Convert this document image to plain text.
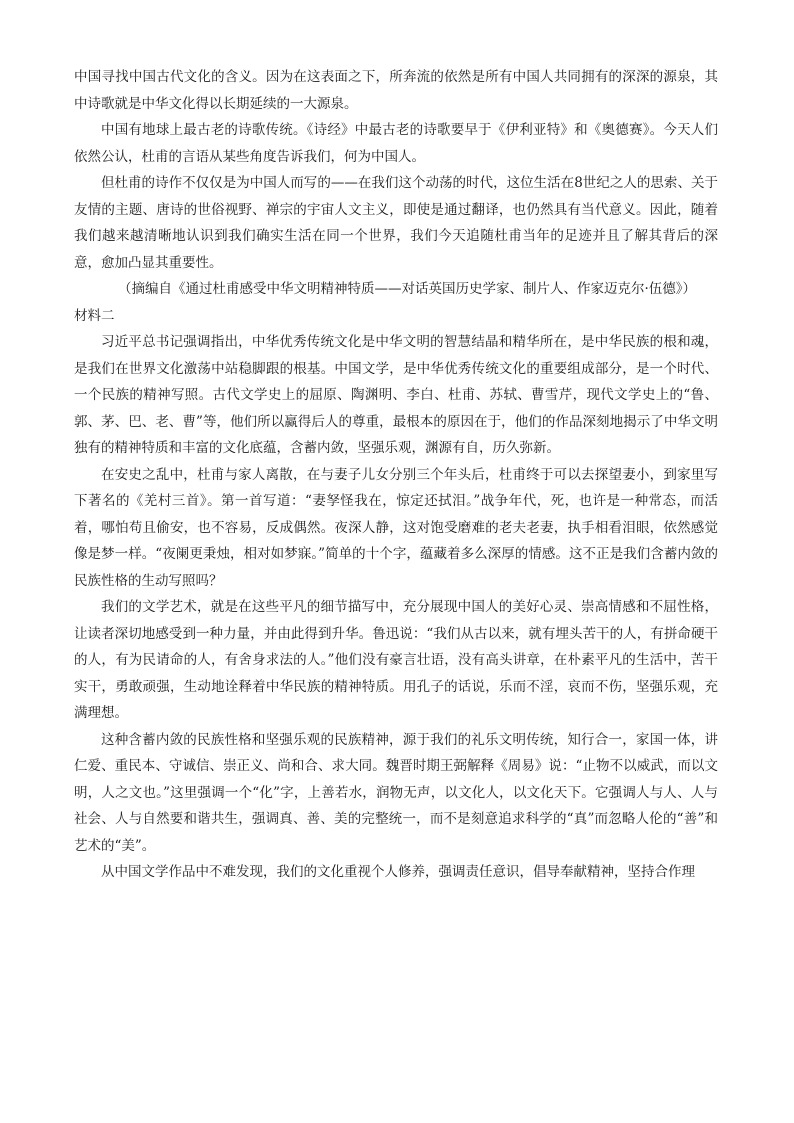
中国寻找中国古代文化的含义。因为在这表面之下，所奔流的依然是所有中国人共同拥有的深深的源泉，其中诗歌就是中华文化得以长期延续的一大源泉。

中国有地球上最古老的诗歌传统。《诗经》中最古老的诗歌要早于《伊利亚特》和《奥德赛》。今天人们依然公认，杜甫的言语从某些角度告诉我们，何为中国人。

但杜甫的诗作不仅仅是为中国人而写的——在我们这个动荡的时代，这位生活在8世纪之人的思索、关于友情的主题、唐诗的世俗视野、禅宗的宇宙人文主义，即使是通过翻译，也仍然具有当代意义。因此，随着我们越来越清晰地认识到我们确实生活在同一个世界，我们今天追随杜甫当年的足迹并且了解其背后的深意，愈加凸显其重要性。

（摘编自《通过杜甫感受中华文明精神特质——对话英国历史学家、制片人、作家迈克尔·伍德》）

材料二

习近平总书记强调指出，中华优秀传统文化是中华文明的智慧结晶和精华所在，是中华民族的根和魂，是我们在世界文化激荡中站稳脚跟的根基。中国文学，是中华优秀传统文化的重要组成部分，是一个时代、一个民族的精神写照。古代文学史上的屈原、陶渊明、李白、杜甫、苏轼、曹雪芹，现代文学史上的“鲁、郭、茅、巴、老、曹”等，他们所以赢得后人的尊重，最根本的原因在于，他们的作品深刻地揭示了中华文明独有的精神特质和丰富的文化底蕴，含蓄内敛，坚强乐观，渊源有自，历久弥新。

在安史之乱中，杜甫与家人离散，在与妻子儿女分别三个年头后，杜甫终于可以去探望妻小，到家里写下著名的《羌村三首》。第一首写道：“妻孥怪我在，惊定还拭泪。”战争年代，死，也许是一种常态，而活着，哪怕苟且偷安，也不容易，反成偶然。夜深人静，这对饱受磨难的老夫老妻，执手相看泪眼，依然感觉像是梦一样。“夜阑更秉烛，相对如梦寐。”简单的十个字，蕴藏着多么深厚的情感。这不正是我们含蓄内敛的民族性格的生动写照吗？

我们的文学艺术，就是在这些平凡的细节描写中，充分展现中国人的美好心灵、崇高情感和不屈性格，让读者深切地感受到一种力量，并由此得到升华。鲁迅说：“我们从古以来，就有埋头苦干的人，有拼命硬干的人，有为民请命的人，有舍身求法的人。”他们没有豪言壮语，没有高头讲章，在朴素平凡的生活中，苦干实干，勇敢顽强，生动地诠释着中华民族的精神特质。用孔子的话说，乐而不淫，哀而不伤，坚强乐观，充满理想。

这种含蓄内敛的民族性格和坚强乐观的民族精神，源于我们的礼乐文明传统，知行合一，家国一体，讲仁爱、重民本、守诚信、崇正义、尚和合、求大同。魏晋时期王弼解释《周易》说：“止物不以威武，而以文明，人之文也。”这里强调一个“化”字，上善若水，润物无声，以文化人，以文化天下。它强调人与人、人与社会、人与自然要和谐共生，强调真、善、美的完整统一，而不是刻意追求科学的“真”而忽略人伦的“善”和艺术的“美”。

从中国文学作品中不难发现，我们的文化重视个人修养，强调责任意识，倡导奉献精神，坚持合作理
